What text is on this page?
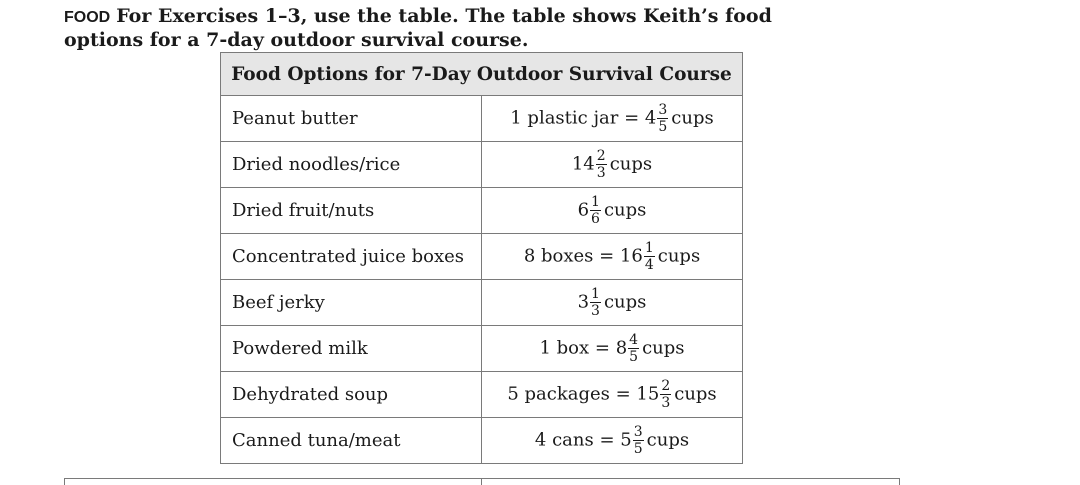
FOOD For Exercises 1–3, use the table. The table shows Keith’s food options for a 7-day outdoor survival course.
Food Options for 7-Day Outdoor Survival Course	
Peanut butter	1 plastic jar = $4 \frac{3}{5}$ cups
Dried noodles/rice	$14 \frac{2}{3}$ cups
Dried fruit/nuts	$6 \frac{1}{6}$ cups
Concentrated juice boxes	8 boxes = $16 \frac{1}{4}$ cups
Beef jerky	$3 \frac{1}{3}$ cups
Powdered milk	1 box = $8 \frac{4}{5}$ cups
Dehydrated soup	5 packages = $15 \frac{2}{3}$ cups
Canned tuna/meat	4 cans = $5 \frac{3}{5}$ cups
